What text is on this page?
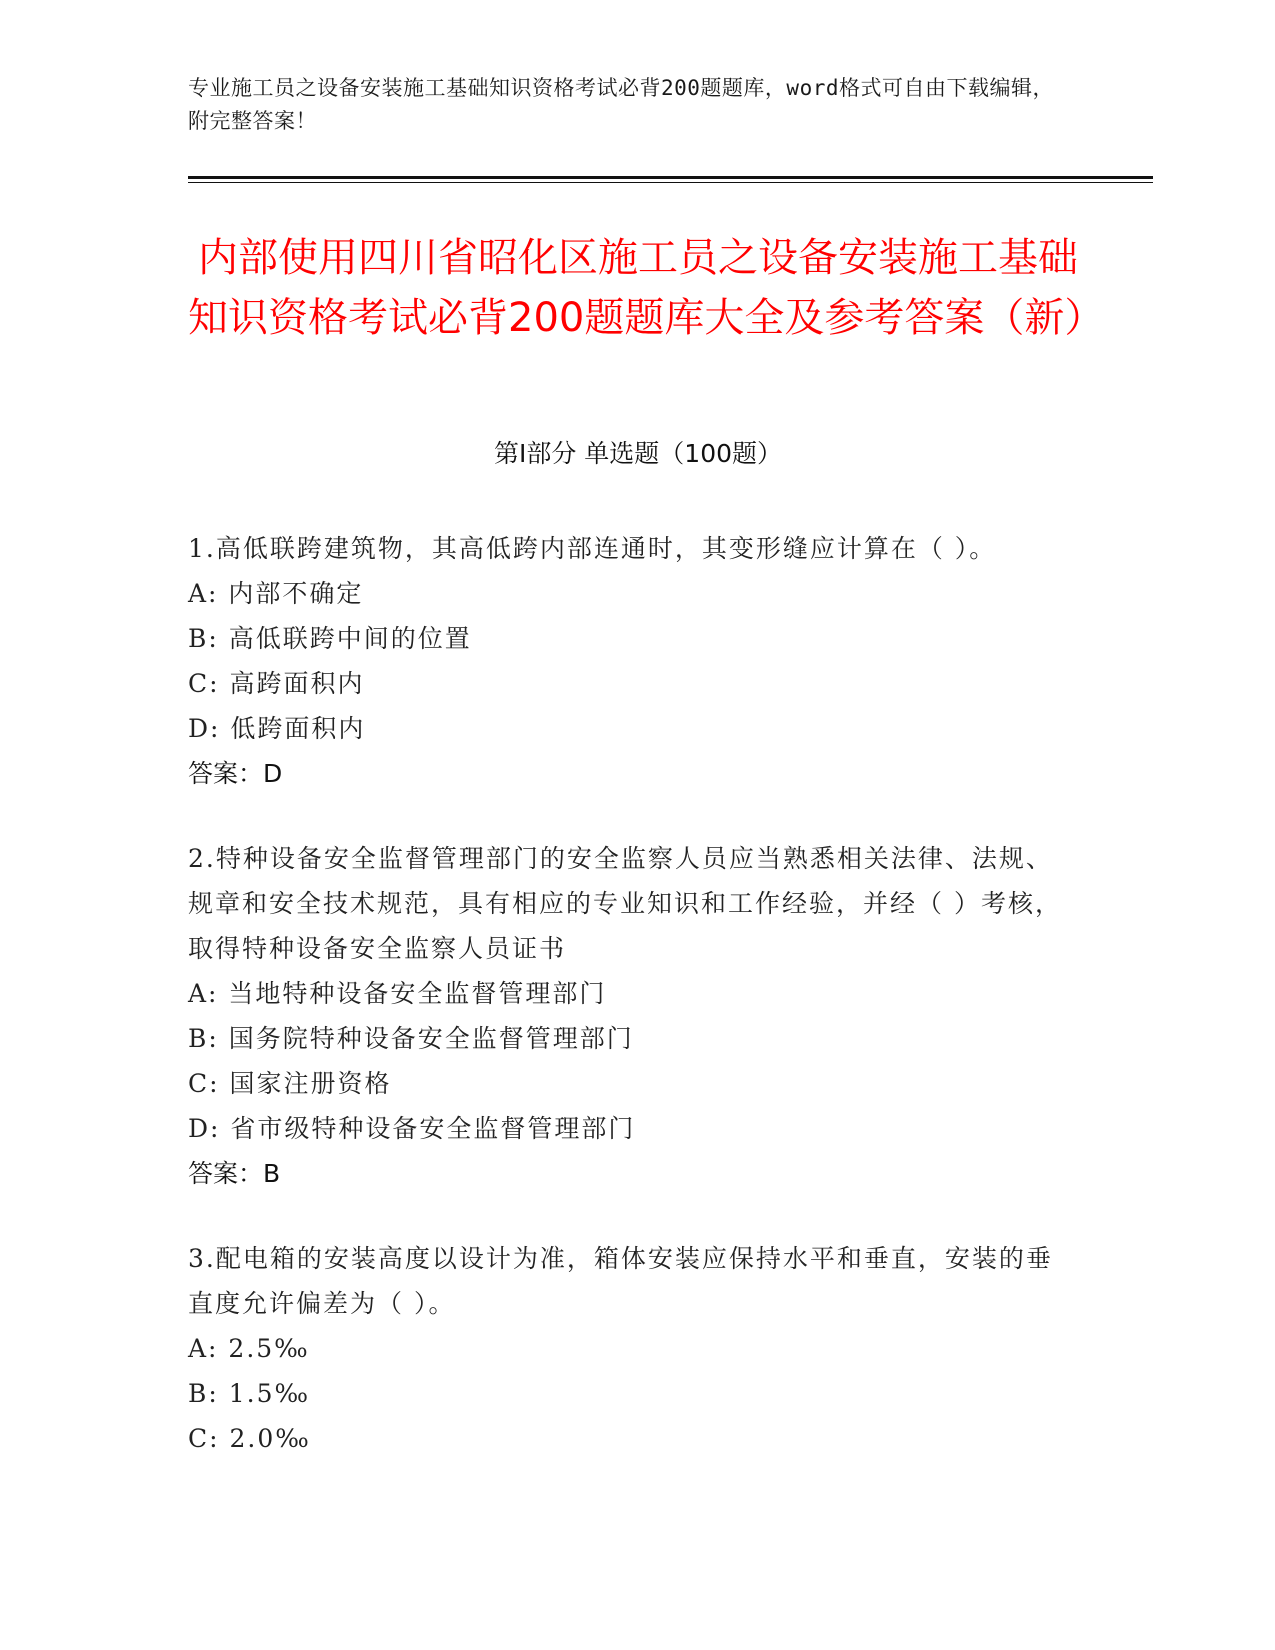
专业施工员之设备安装施工基础知识资格考试必背200题题库，word格式可自由下载编辑，附完整答案！
内部使用四川省昭化区施工员之设备安装施工基础知识资格考试必背200题题库大全及参考答案（新）
第I部分 单选题（100题）
1.高低联跨建筑物，其高低跨内部连通时，其变形缝应计算在（ ）。
A: 内部不确定
B: 高低联跨中间的位置
C: 高跨面积内
D: 低跨面积内
答案：D
2.特种设备安全监督管理部门的安全监察人员应当熟悉相关法律、法规、规章和安全技术规范，具有相应的专业知识和工作经验，并经（ ）考核，取得特种设备安全监察人员证书
A: 当地特种设备安全监督管理部门
B: 国务院特种设备安全监督管理部门
C: 国家注册资格
D: 省市级特种设备安全监督管理部门
答案：B
3.配电箱的安装高度以设计为准，箱体安装应保持水平和垂直，安装的垂直度允许偏差为（ ）。
A: 2.5‰
B: 1.5‰
C: 2.0‰
